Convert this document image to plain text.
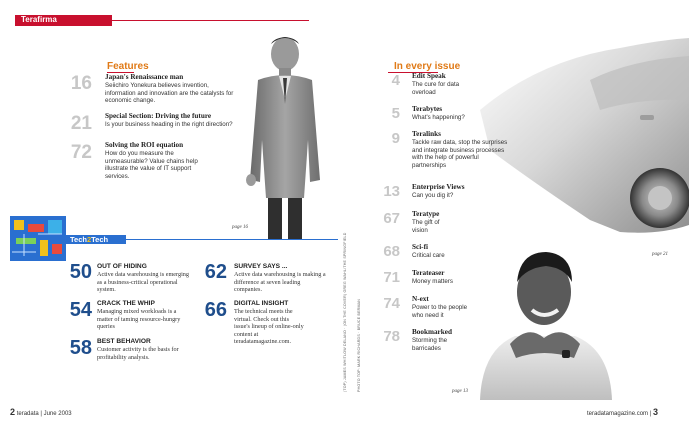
Terafirma
Features
16 Japan's Renaissance man
Seiichiro Yonekura believes invention, information and innovation are the catalysts for economic change.
21 Special Section: Driving the future
Is your business heading in the right direction?
72 Solving the ROI equation
How do you measure the unmeasurable? Value chains help illustrate the value of IT support services.
page 16
page 21
In every issue
4 Edit Speak
The cure for data overload
5 Terabytes
What's happening?
9 Teralinks
Tackle raw data, stop the surprises and integrate business processes with the help of powerful partnerships
13 Enterprise Views
Can you dig it?
67 Teratype
The gift of vision
68 Sci-fi
Critical care
71 Terateaser
Money matters
74 N-ext
Power to the people who need it
78 Bookmarked
Storming the barricades
page 13
Tech2Tech
50 OUT OF HIDING
Active data warehousing is emerging as a business-critical operational system.
54 CRACK THE WHIP
Managing mixed workloads is a matter of taming resource-hungry queries
58 BEST BEHAVIOR
Customer activity is the basis for profitability analysis.
62 SURVEY SAYS ...
Active data warehousing is making a difference at seven leading companies.
66 DIGITAL INSIGHT
The technical meets the virtual. Check out this issue's lineup of online-only content at teradatamagazine.com.	(TOP) JAMES WHITLOW DELANO · (ON THE COVER) GREG WAHL/THE SPRINGFIELD	PHOTO TOP: MARK RICHARDS · BRUCE BERMAN
2 teradata | June 2003	teradatamagazine.com | 3
